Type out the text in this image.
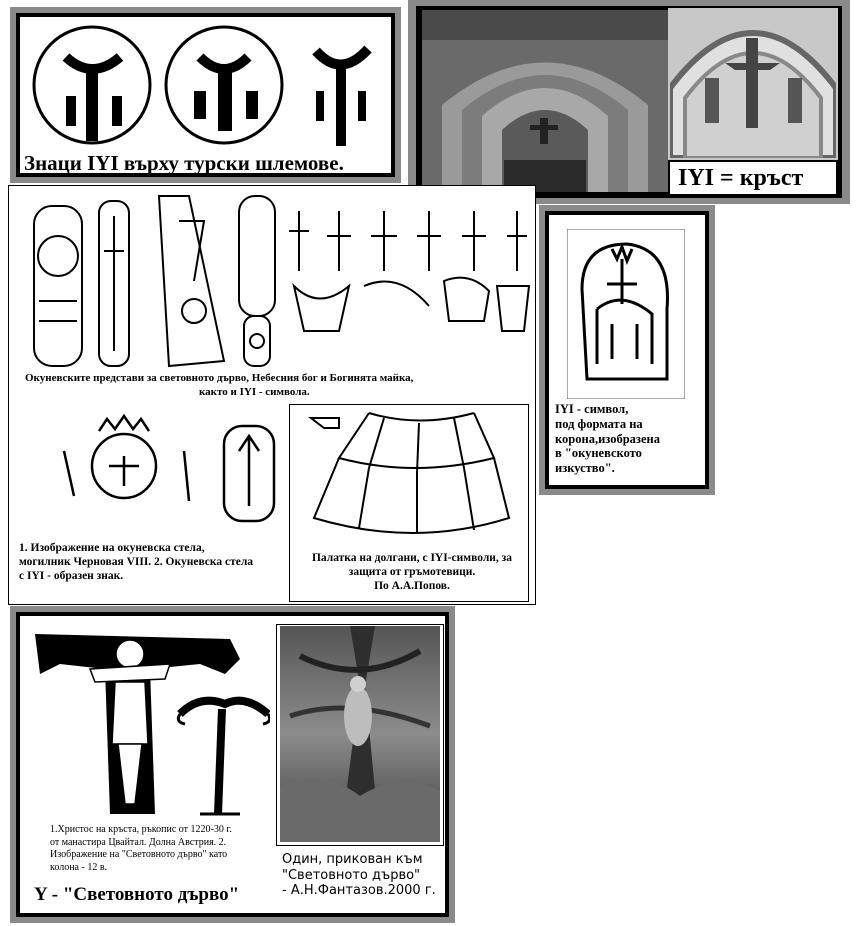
Знаци IYI върху турски шлемове.
IYI = кръст
Окуневските представи за световното дърво, Небесния бог и Богинята майка,
както и IYI - символа.
1. Изображение на окуневска стела,
могилник Черновая VIII. 2. Окуневска стела
с IYI - образен знак.
Палатка на долгани, с IYI-символи, за
защита от гръмотевици.
По А.А.Попов.
IYI - символ,
под формата на
корона,изобразена
в "окуневското
изкуство".
1.Христос на кръста, ръкопис от 1220-30 г.
от манастира Цвайтал. Долна Австрия. 2.
Изображение на "Световното дърво" като
колона - 12 в.
Y - "Световното дърво"
Один, прикован към
"Световното дърво"
- А.Н.Фантазов.2000 г.
